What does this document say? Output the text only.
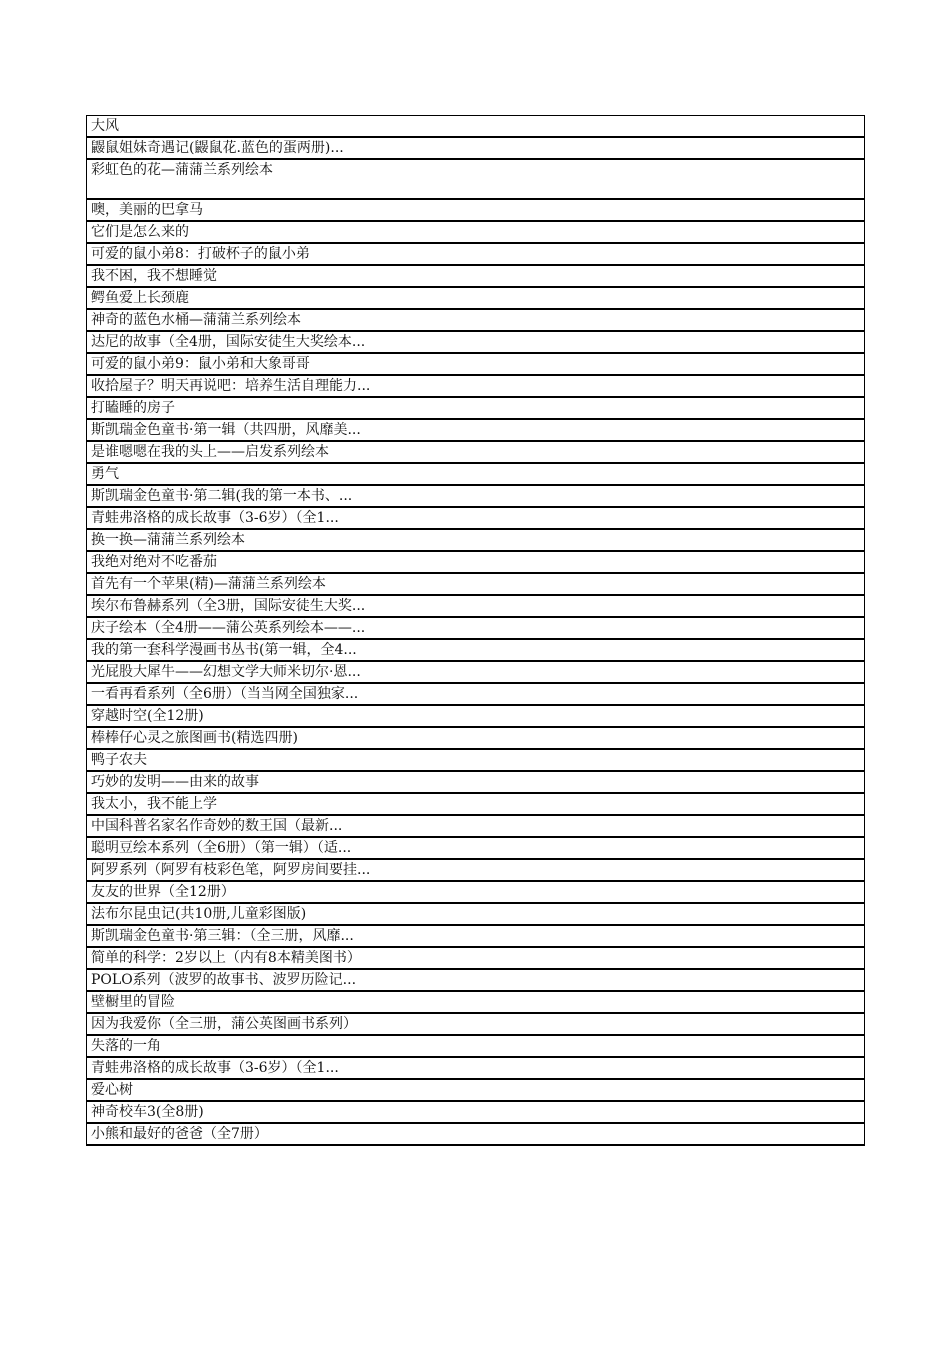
大风
鼹鼠姐妹奇遇记(鼹鼠花.蓝色的蛋两册)...
彩虹色的花—蒲蒲兰系列绘本
噢，美丽的巴拿马
它们是怎么来的
可爱的鼠小弟8：打破杯子的鼠小弟
我不困，我不想睡觉
鳄鱼爱上长颈鹿
神奇的蓝色水桶—蒲蒲兰系列绘本
达尼的故事（全4册，国际安徒生大奖绘本...
可爱的鼠小弟9：鼠小弟和大象哥哥
收拾屋子？明天再说吧：培养生活自理能力...
打瞌睡的房子
斯凯瑞金色童书·第一辑（共四册，风靡美...
是谁嗯嗯在我的头上——启发系列绘本
勇气
斯凯瑞金色童书·第二辑(我的第一本书、...
青蛙弗洛格的成长故事（3-6岁）（全1...
换一换—蒲蒲兰系列绘本
我绝对绝对不吃番茄
首先有一个苹果(精)—蒲蒲兰系列绘本
埃尔布鲁赫系列（全3册，国际安徒生大奖...
庆子绘本（全4册——蒲公英系列绘本——...
我的第一套科学漫画书丛书(第一辑，全4...
光屁股大犀牛——幻想文学大师米切尔·恩...
一看再看系列（全6册）（当当网全国独家...
穿越时空(全12册)
棒棒仔心灵之旅图画书(精选四册)
鸭子农夫
巧妙的发明——由来的故事
我太小，我不能上学
中国科普名家名作奇妙的数王国（最新...
聪明豆绘本系列（全6册）（第一辑）（适...
阿罗系列（阿罗有枝彩色笔，阿罗房间要挂...
友友的世界（全12册）
法布尔昆虫记(共10册,儿童彩图版)
斯凯瑞金色童书·第三辑：（全三册，风靡...
简单的科学：2岁以上（内有8本精美图书）
POLO系列（波罗的故事书、波罗历险记...
壁橱里的冒险
因为我爱你（全三册，蒲公英图画书系列）
失落的一角
青蛙弗洛格的成长故事（3-6岁）（全1...
爱心树
神奇校车3(全8册)
小熊和最好的爸爸（全7册）
